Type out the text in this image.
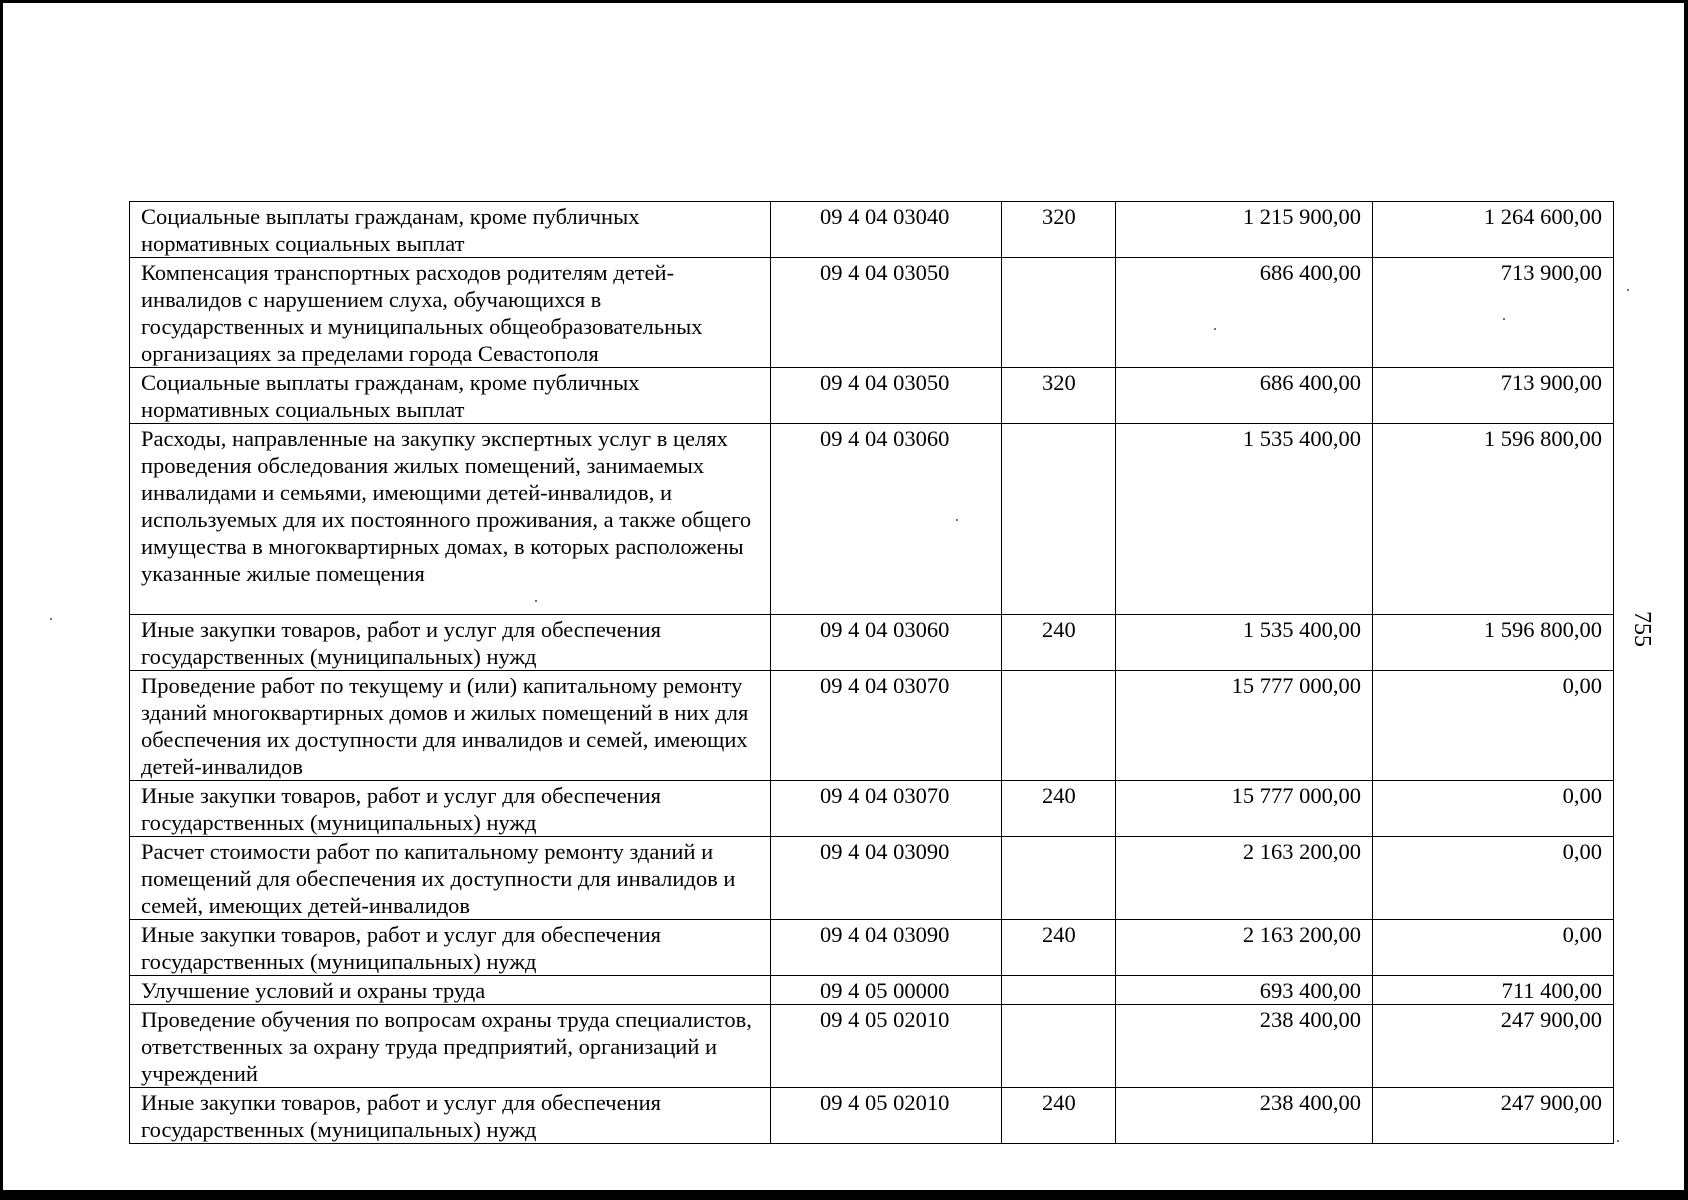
Социальные выплаты гражданам, кроме публичных нормативных социальных выплат	09 4 04 03040	320	1 215 900,00	1 264 600,00
Компенсация транспортных расходов родителям детей-инвалидов с нарушением слуха, обучающихся в государственных и муниципальных общеобразовательных организациях за пределами города Севастополя	09 4 04 03050		686 400,00	713 900,00
Социальные выплаты гражданам, кроме публичных нормативных социальных выплат	09 4 04 03050	320	686 400,00	713 900,00
Расходы, направленные на закупку экспертных услуг в целях проведения обследования жилых помещений, занимаемых инвалидами и семьями, имеющими детей-инвалидов, и используемых для их постоянного проживания, а также общего имущества в многоквартирных домах, в которых расположены указанные жилые помещения	09 4 04 03060		1 535 400,00	1 596 800,00
Иные закупки товаров, работ и услуг для обеспечения государственных (муниципальных) нужд	09 4 04 03060	240	1 535 400,00	1 596 800,00
Проведение работ по текущему и (или) капитальному ремонту зданий многоквартирных домов и жилых помещений в них для обеспечения их доступности для инвалидов и семей, имеющих детей-инвалидов	09 4 04 03070		15 777 000,00	0,00
Иные закупки товаров, работ и услуг для обеспечения государственных (муниципальных) нужд	09 4 04 03070	240	15 777 000,00	0,00
Расчет стоимости работ по капитальному ремонту зданий и помещений для обеспечения их доступности для инвалидов и семей, имеющих детей-инвалидов	09 4 04 03090		2 163 200,00	0,00
Иные закупки товаров, работ и услуг для обеспечения государственных (муниципальных) нужд	09 4 04 03090	240	2 163 200,00	0,00
Улучшение условий и охраны труда	09 4 05 00000		693 400,00	711 400,00
Проведение обучения по вопросам охраны труда специалистов, ответственных за охрану труда предприятий, организаций и учреждений	09 4 05 02010		238 400,00	247 900,00
Иные закупки товаров, работ и услуг для обеспечения государственных (муниципальных) нужд	09 4 05 02010	240	238 400,00	247 900,00
755
